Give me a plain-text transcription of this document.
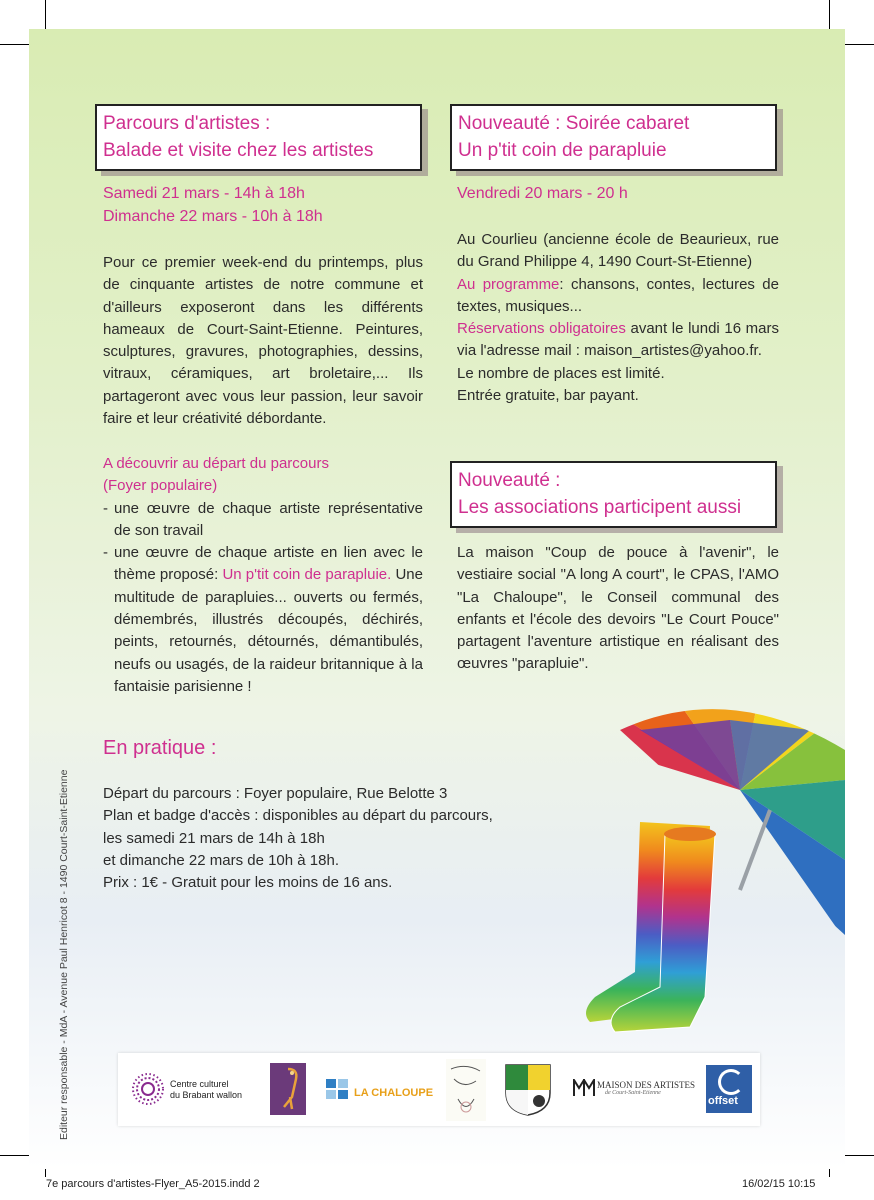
Parcours d'artistes :
Balade et visite chez les artistes
Samedi 21 mars - 14h à 18h
Dimanche 22 mars - 10h à 18h
Pour ce premier week-end du printemps, plus de cinquante artistes de notre commune et d'ailleurs exposeront dans les différents hameaux de Court-Saint-Etienne. Peintures, sculptures, gravures, photographies, dessins, vitraux, céramiques, art broletaire,... Ils partageront avec vous leur passion, leur savoir faire et leur créativité débordante.
A découvrir au départ du parcours
(Foyer populaire)
- une œuvre de chaque artiste représentative de son travail
- une œuvre de chaque artiste en lien avec le thème proposé: Un p'tit coin de parapluie. Une multitude de parapluies... ouverts ou fermés, démembrés, illustrés découpés, déchirés, peints, retournés, détournés, démantibulés, neufs ou usagés, de la raideur britannique à la fantaisie parisienne !
Nouveauté : Soirée cabaret
Un p'tit coin de parapluie
Vendredi 20 mars - 20 h
Au Courlieu (ancienne école de Beaurieux, rue du Grand Philippe 4, 1490 Court-St-Etienne)
Au programme: chansons, contes, lectures de textes, musiques...
Réservations obligatoires avant le lundi 16 mars via l'adresse mail : maison_artistes@yahoo.fr.
Le nombre de places est limité.
Entrée gratuite, bar payant.
Nouveauté :
Les associations participent aussi
La maison "Coup de pouce à l'avenir", le vestiaire social "A long A court", le CPAS, l'AMO "La Chaloupe", le Conseil communal des enfants et l'école des devoirs "Le Court Pouce" partagent l'aventure artistique en réalisant des œuvres "parapluie".
En pratique :
Départ du parcours : Foyer populaire, Rue Belotte 3
Plan et badge d'accès : disponibles au départ du parcours,
les samedi 21 mars de 14h à 18h
et dimanche 22 mars de 10h à 18h.
Prix : 1€ - Gratuit pour les moins de 16 ans.
Editeur responsable - MdA - Avenue Paul Henricot 8 - 1490 Court-Saint-Etienne	Centre culturel
du Brabant wallon	LA CHALOUPE
MAISON DES ARTISTES
de Court-Saint-Etienne
offset
7e parcours d'artistes-Flyer_A5-2015.indd 2	16/02/15 10:15
